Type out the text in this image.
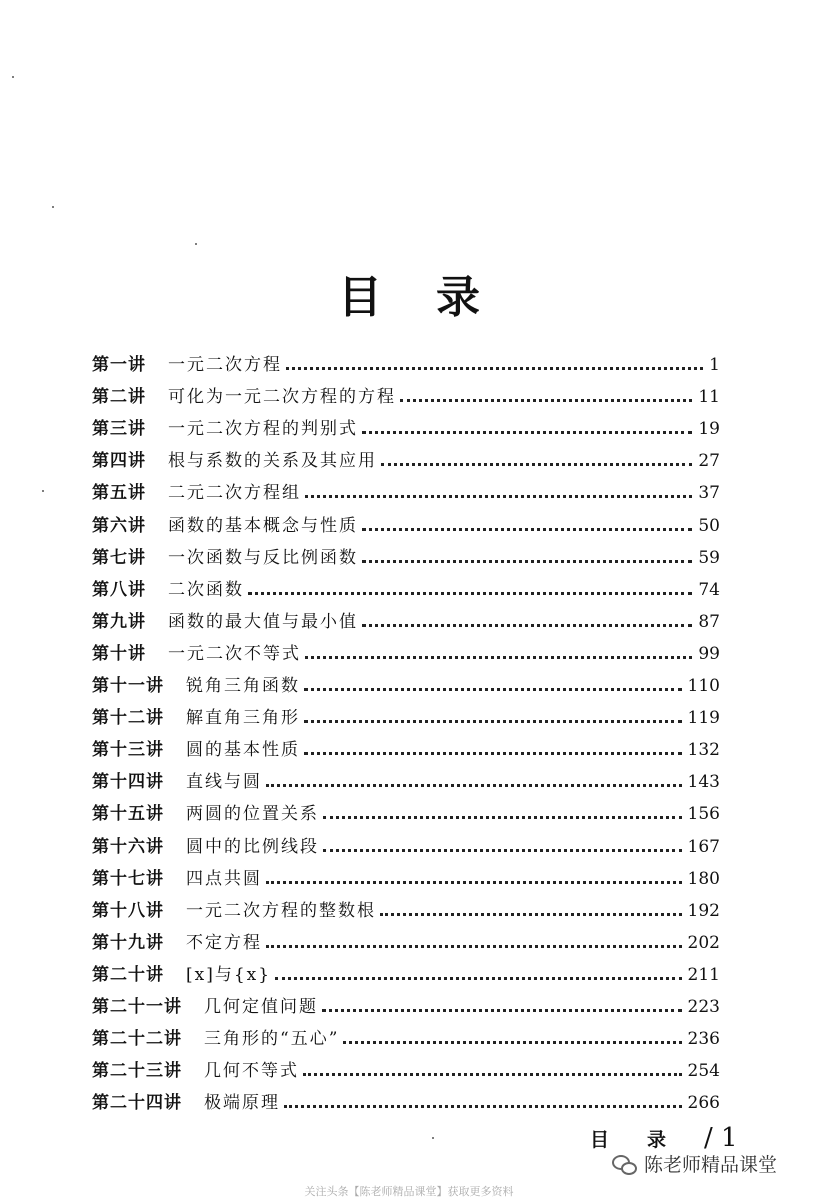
目录
第一讲 一元二次方程	1
第二讲 可化为一元二次方程的方程	11
第三讲 一元二次方程的判别式	19
第四讲 根与系数的关系及其应用	27
第五讲 二元二次方程组	37
第六讲 函数的基本概念与性质	50
第七讲 一次函数与反比例函数	59
第八讲 二次函数	74
第九讲 函数的最大值与最小值	87
第十讲 一元二次不等式	99
第十一讲 锐角三角函数	110
第十二讲 解直角三角形	119
第十三讲 圆的基本性质	132
第十四讲 直线与圆	143
第十五讲 两圆的位置关系	156
第十六讲 圆中的比例线段	167
第十七讲 四点共圆	180
第十八讲 一元二次方程的整数根	192
第十九讲 不定方程	202
第二十讲 [x]与{x}	211
第二十一讲 几何定值问题	223
第二十二讲 三角形的“五心”	236
第二十三讲 几何不等式	254
第二十四讲 极端原理	266
目录/ 1
陈老师精品课堂
关注头条【陈老师精品课堂】获取更多资料
